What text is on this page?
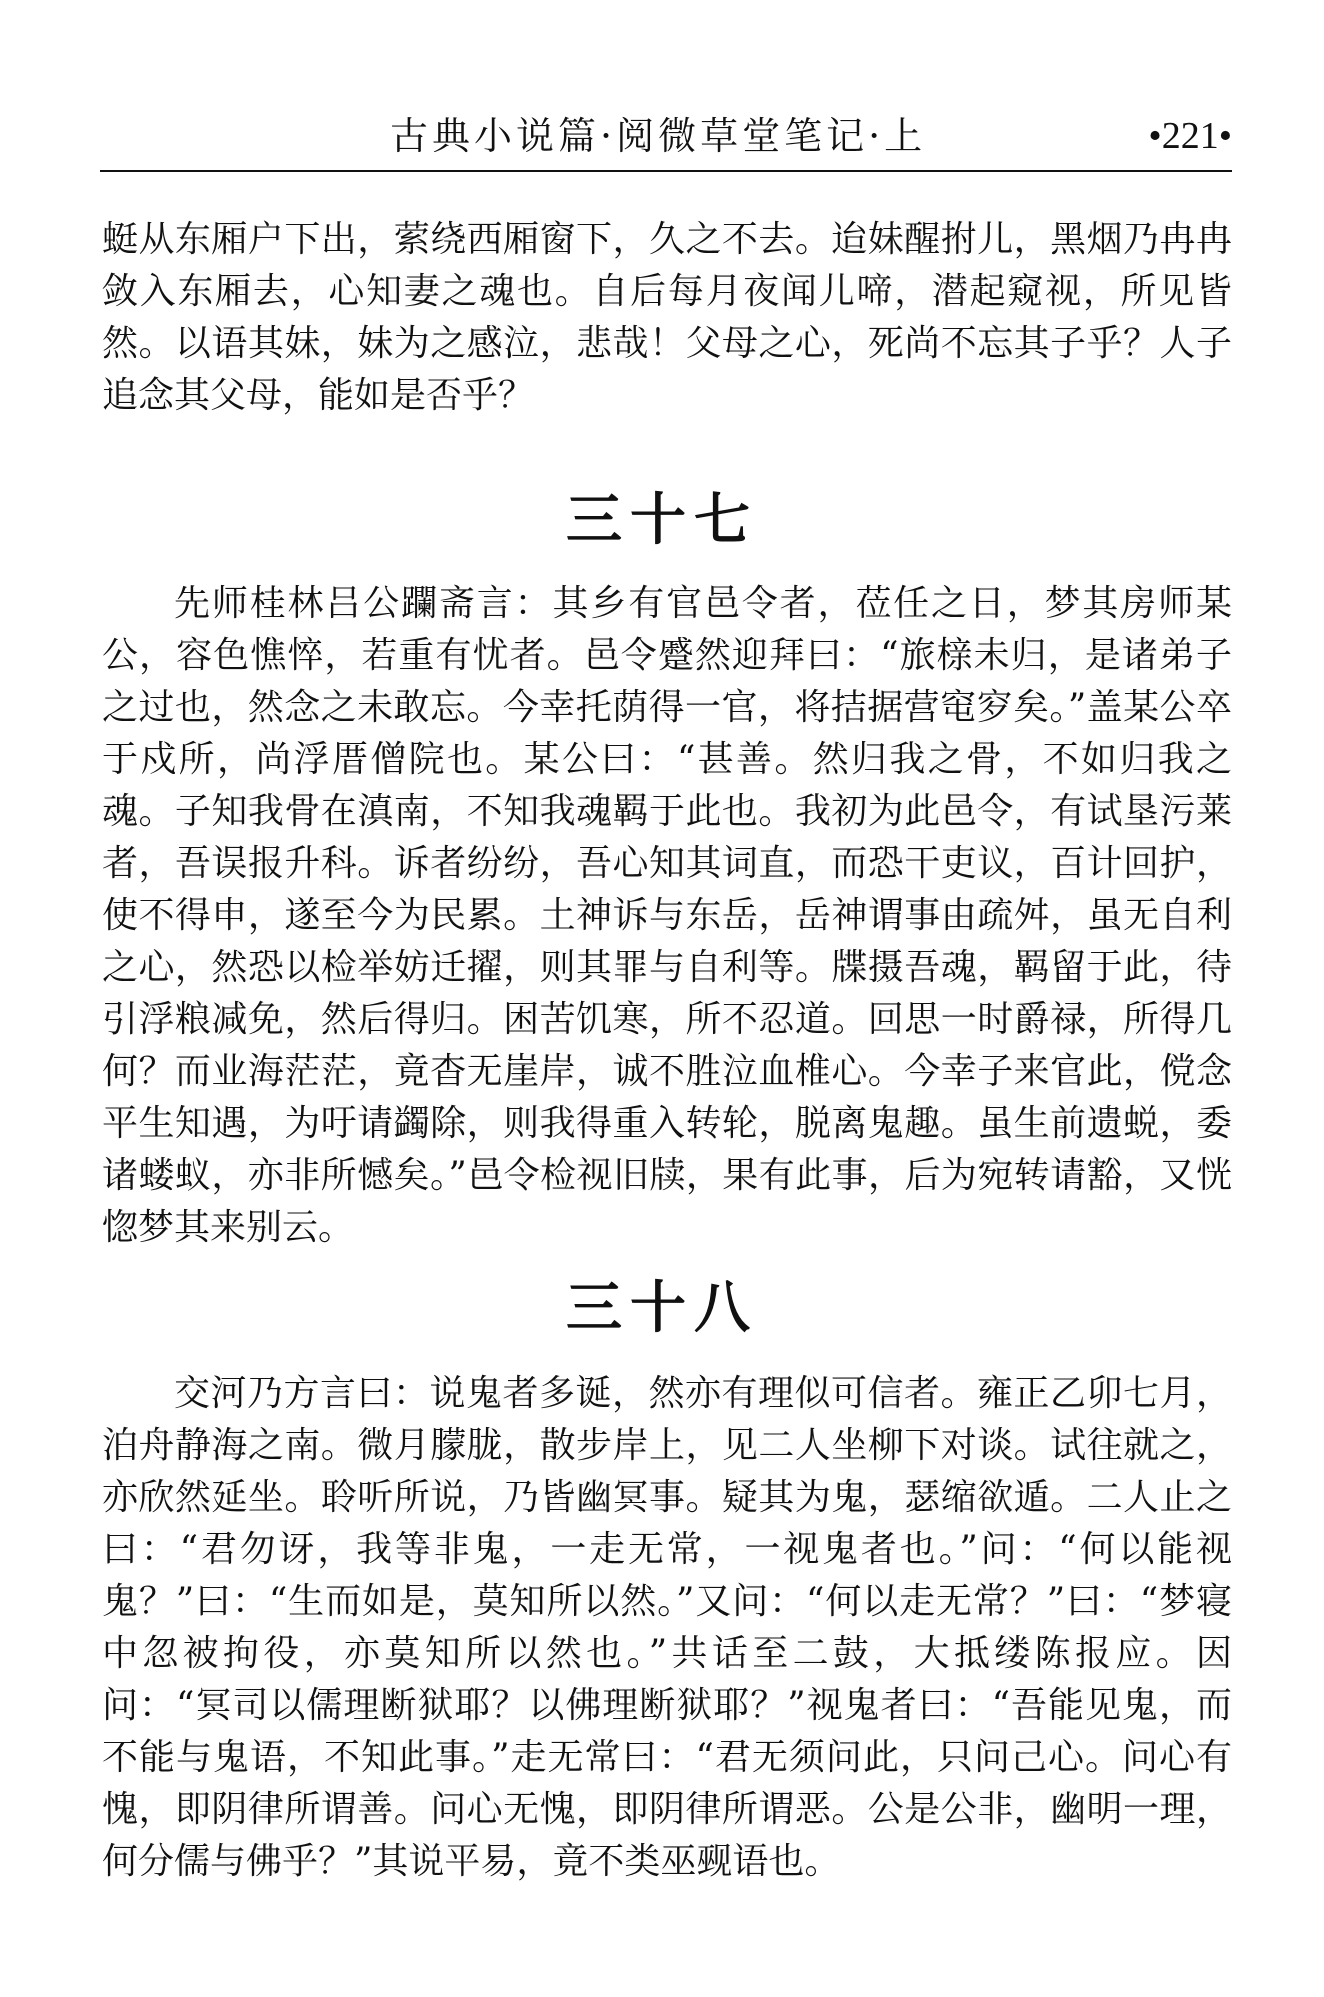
古典小说篇·阅微草堂笔记·上	•221•

蜓从东厢户下出，萦绕西厢窗下，久之不去。迨妹醒拊儿，黑烟乃冉冉敛入东厢去，心知妻之魂也。自后每月夜闻儿啼，潜起窥视，所见皆然。以语其妹，妹为之感泣，悲哉！父母之心，死尚不忘其子乎？人子追念其父母，能如是否乎？

三十七

先师桂林吕公躝斋言：其乡有官邑令者，莅任之日，梦其房师某公，容色憔悴，若重有忧者。邑令蹙然迎拜曰：“旅榇未归，是诸弟子之过也，然念之未敢忘。今幸托荫得一官，将拮据营窀穸矣。”盖某公卒于戍所，尚浮厝僧院也。某公曰：“甚善。然归我之骨，不如归我之魂。子知我骨在滇南，不知我魂羁于此也。我初为此邑令，有试垦污莱者，吾误报升科。诉者纷纷，吾心知其词直，而恐干吏议，百计回护，使不得申，遂至今为民累。土神诉与东岳，岳神谓事由疏舛，虽无自利之心，然恐以检举妨迁擢，则其罪与自利等。牒摄吾魂，羁留于此，待引浮粮减免，然后得归。困苦饥寒，所不忍道。回思一时爵禄，所得几何？而业海茫茫，竟杳无崖岸，诚不胜泣血椎心。今幸子来官此，傥念平生知遇，为吁请蠲除，则我得重入转轮，脱离鬼趣。虽生前遗蜕，委诸蝼蚁，亦非所憾矣。”邑令检视旧牍，果有此事，后为宛转请豁，又恍惚梦其来别云。

三十八

交河乃方言曰：说鬼者多诞，然亦有理似可信者。雍正乙卯七月，泊舟静海之南。微月朦胧，散步岸上，见二人坐柳下对谈。试往就之，亦欣然延坐。聆听所说，乃皆幽冥事。疑其为鬼，瑟缩欲遁。二人止之曰：“君勿讶，我等非鬼，一走无常，一视鬼者也。”问：“何以能视鬼？”曰：“生而如是，莫知所以然。”又问：“何以走无常？”曰：“梦寝中忽被拘役，亦莫知所以然也。”共话至二鼓，大抵缕陈报应。因问：“冥司以儒理断狱耶？以佛理断狱耶？”视鬼者曰：“吾能见鬼，而不能与鬼语，不知此事。”走无常曰：“君无须问此，只问己心。问心有愧，即阴律所谓善。问心无愧，即阴律所谓恶。公是公非，幽明一理，何分儒与佛乎？”其说平易，竟不类巫觋语也。
